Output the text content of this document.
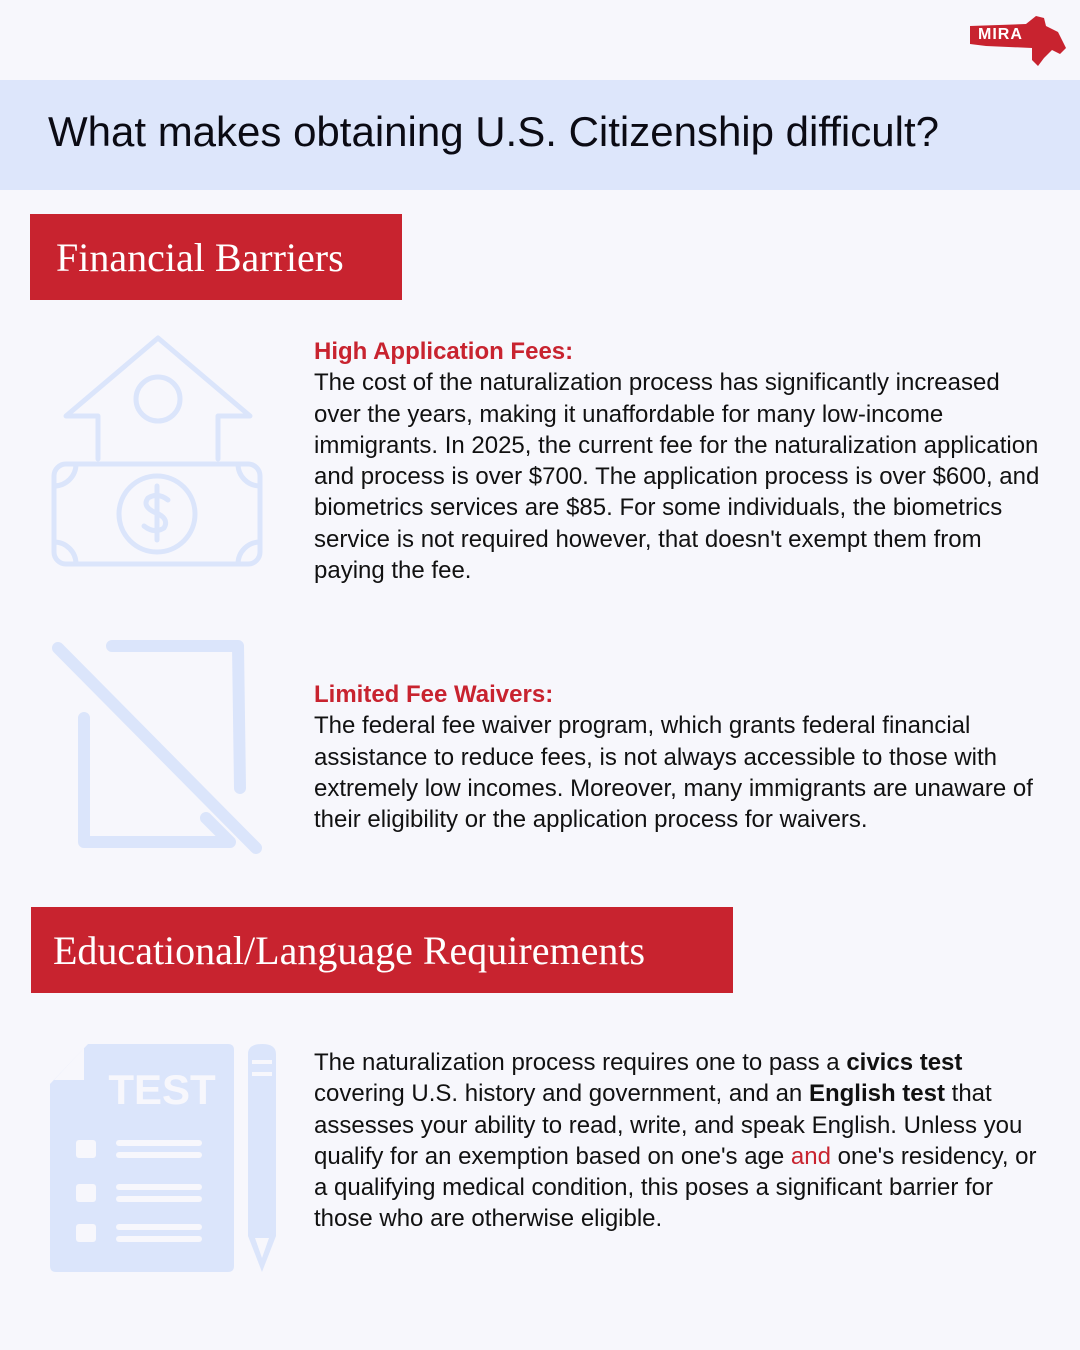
MIRA
What makes obtaining U.S. Citizenship difficult?
Financial Barriers
High Application Fees:
The cost of the naturalization process has significantly increased over the years, making it unaffordable for many low-income immigrants. In 2025, the current fee for the naturalization application and process is over $700. The application process is over $600, and biometrics services are $85. For some individuals, the biometrics service is not required however, that doesn't exempt them from paying the fee.
Limited Fee Waivers:
The federal fee waiver program, which grants federal financial assistance to reduce fees, is not always accessible to those with extremely low incomes. Moreover, many immigrants are unaware of their eligibility or the application process for waivers.
Educational/Language Requirements
TEST
The naturalization process requires one to pass a civics test covering U.S. history and government, and an English test that assesses your ability to read, write, and speak English. Unless you qualify for an exemption based on one's age and one's residency, or a qualifying medical condition, this poses a significant barrier for those who are otherwise eligible.
